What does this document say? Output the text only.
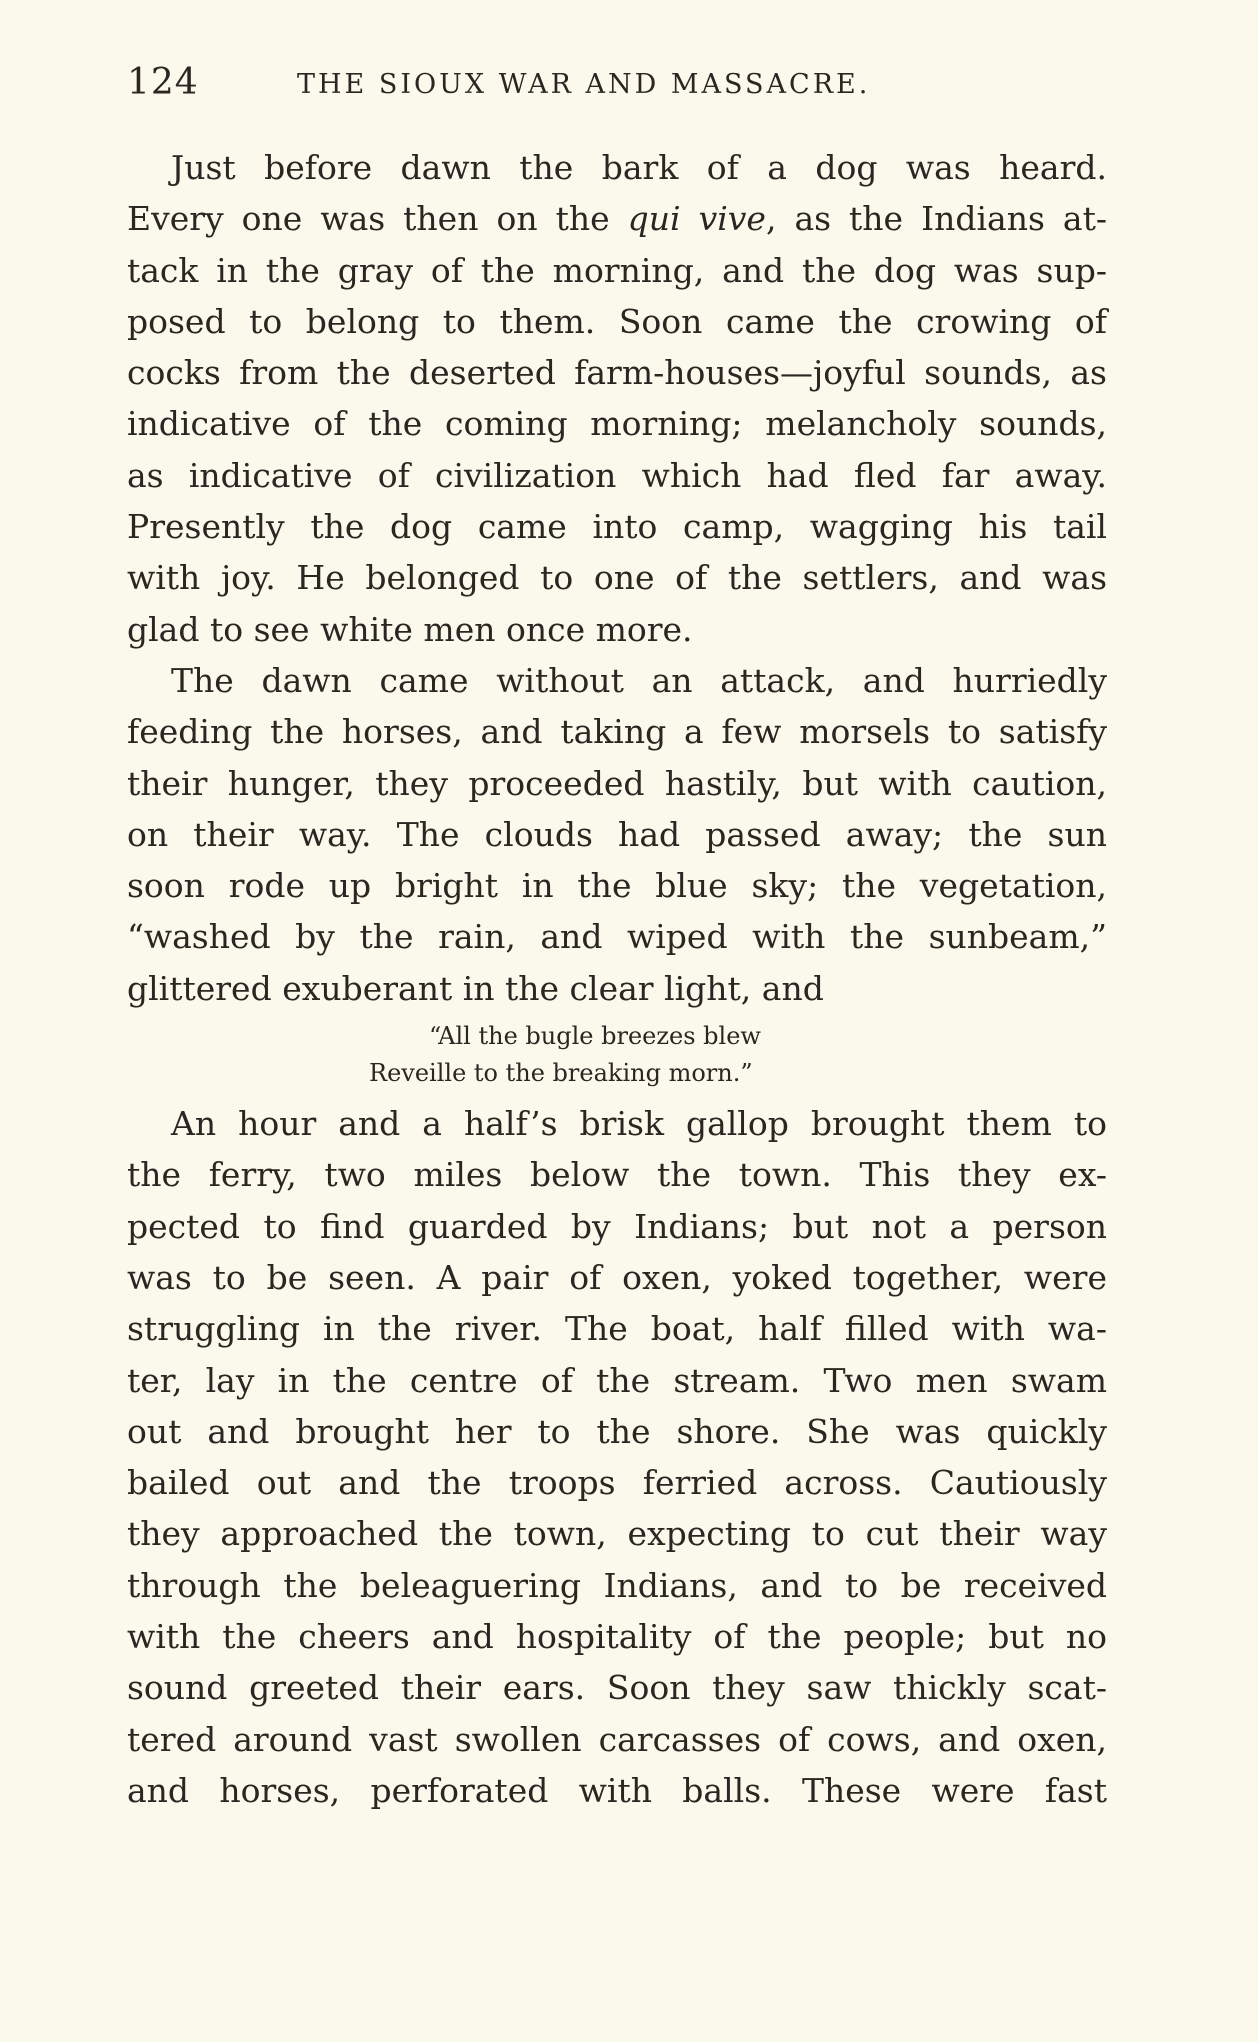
124	THE SIOUX WAR AND MASSACRE.
Just before dawn the bark of a dog was heard.
Every one was then on the qui vive, as the Indians at-
tack in the gray of the morning, and the dog was sup-
posed to belong to them. Soon came the crowing of
cocks from the deserted farm-houses—joyful sounds, as
indicative of the coming morning; melancholy sounds,
as indicative of civilization which had fled far away.
Presently the dog came into camp, wagging his tail
with joy. He belonged to one of the settlers, and was
glad to see white men once more.
The dawn came without an attack, and hurriedly
feeding the horses, and taking a few morsels to satisfy
their hunger, they proceeded hastily, but with caution,
on their way. The clouds had passed away; the sun
soon rode up bright in the blue sky; the vegetation,
“washed by the rain, and wiped with the sunbeam,”
glittered exuberant in the clear light, and
“All the bugle breezes blew
Reveille to the breaking morn.”
An hour and a half’s brisk gallop brought them to
the ferry, two miles below the town. This they ex-
pected to find guarded by Indians; but not a person
was to be seen. A pair of oxen, yoked together, were
struggling in the river. The boat, half filled with wa-
ter, lay in the centre of the stream. Two men swam
out and brought her to the shore. She was quickly
bailed out and the troops ferried across. Cautiously
they approached the town, expecting to cut their way
through the beleaguering Indians, and to be received
with the cheers and hospitality of the people; but no
sound greeted their ears. Soon they saw thickly scat-
tered around vast swollen carcasses of cows, and oxen,
and horses, perforated with balls. These were fast
